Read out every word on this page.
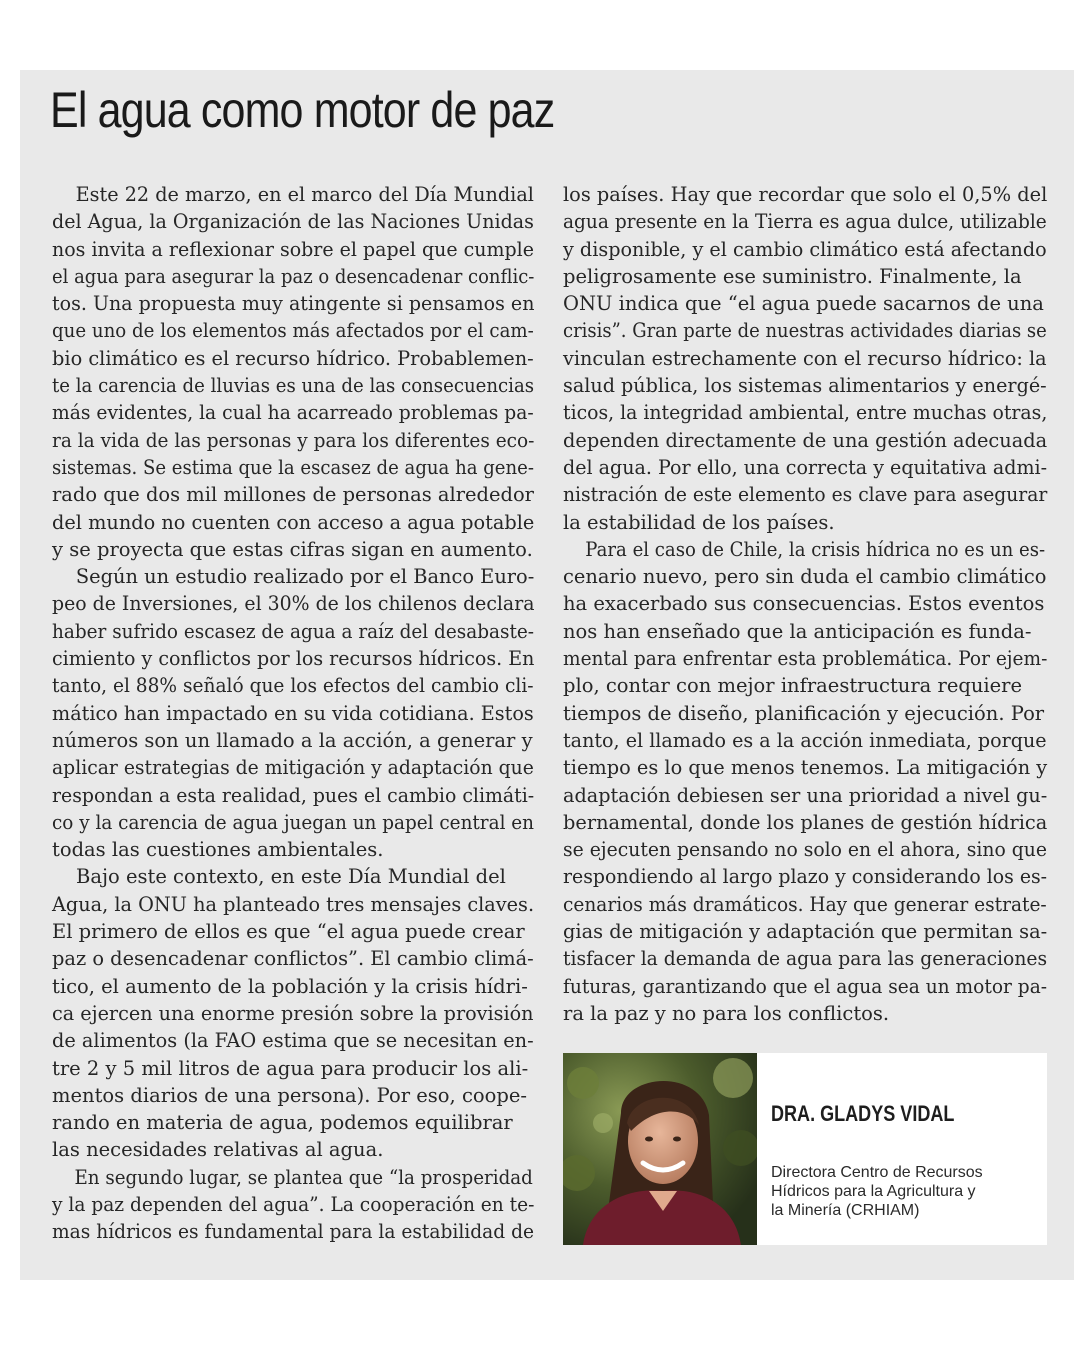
El agua como motor de paz
Este 22 de marzo, en el marco del Día Mundial
del Agua, la Organización de las Naciones Unidas
nos invita a reflexionar sobre el papel que cumple
el agua para asegurar la paz o desencadenar conflic-
tos. Una propuesta muy atingente si pensamos en
que uno de los elementos más afectados por el cam-
bio climático es el recurso hídrico. Probablemen-
te la carencia de lluvias es una de las consecuencias
más evidentes, la cual ha acarreado problemas pa-
ra la vida de las personas y para los diferentes eco-
sistemas. Se estima que la escasez de agua ha gene-
rado que dos mil millones de personas alrededor
del mundo no cuenten con acceso a agua potable
y se proyecta que estas cifras sigan en aumento.
Según un estudio realizado por el Banco Euro-
peo de Inversiones, el 30% de los chilenos declara
haber sufrido escasez de agua a raíz del desabaste-
cimiento y conflictos por los recursos hídricos. En
tanto, el 88% señaló que los efectos del cambio cli-
mático han impactado en su vida cotidiana. Estos
números son un llamado a la acción, a generar y
aplicar estrategias de mitigación y adaptación que
respondan a esta realidad, pues el cambio climáti-
co y la carencia de agua juegan un papel central en
todas las cuestiones ambientales.
Bajo este contexto, en este Día Mundial del
Agua, la ONU ha planteado tres mensajes claves.
El primero de ellos es que “el agua puede crear
paz o desencadenar conflictos”. El cambio climá-
tico, el aumento de la población y la crisis hídri-
ca ejercen una enorme presión sobre la provisión
de alimentos (la FAO estima que se necesitan en-
tre 2 y 5 mil litros de agua para producir los ali-
mentos diarios de una persona). Por eso, coope-
rando en materia de agua, podemos equilibrar
las necesidades relativas al agua.
En segundo lugar, se plantea que “la prosperidad
y la paz dependen del agua”. La cooperación en te-
mas hídricos es fundamental para la estabilidad de
los países. Hay que recordar que solo el 0,5% del
agua presente en la Tierra es agua dulce, utilizable
y disponible, y el cambio climático está afectando
peligrosamente ese suministro. Finalmente, la
ONU indica que “el agua puede sacarnos de una
crisis”. Gran parte de nuestras actividades diarias se
vinculan estrechamente con el recurso hídrico: la
salud pública, los sistemas alimentarios y energé-
ticos, la integridad ambiental, entre muchas otras,
dependen directamente de una gestión adecuada
del agua. Por ello, una correcta y equitativa admi-
nistración de este elemento es clave para asegurar
la estabilidad de los países.
Para el caso de Chile, la crisis hídrica no es un es-
cenario nuevo, pero sin duda el cambio climático
ha exacerbado sus consecuencias. Estos eventos
nos han enseñado que la anticipación es funda-
mental para enfrentar esta problemática. Por ejem-
plo, contar con mejor infraestructura requiere
tiempos de diseño, planificación y ejecución. Por
tanto, el llamado es a la acción inmediata, porque
tiempo es lo que menos tenemos. La mitigación y
adaptación debiesen ser una prioridad a nivel gu-
bernamental, donde los planes de gestión hídrica
se ejecuten pensando no solo en el ahora, sino que
respondiendo al largo plazo y considerando los es-
cenarios más dramáticos. Hay que generar estrate-
gias de mitigación y adaptación que permitan sa-
tisfacer la demanda de agua para las generaciones
futuras, garantizando que el agua sea un motor pa-
ra la paz y no para los conflictos.
DRA. GLADYS VIDAL
Directora Centro de Recursos
Hídricos para la Agricultura y
la Minería (CRHIAM)
